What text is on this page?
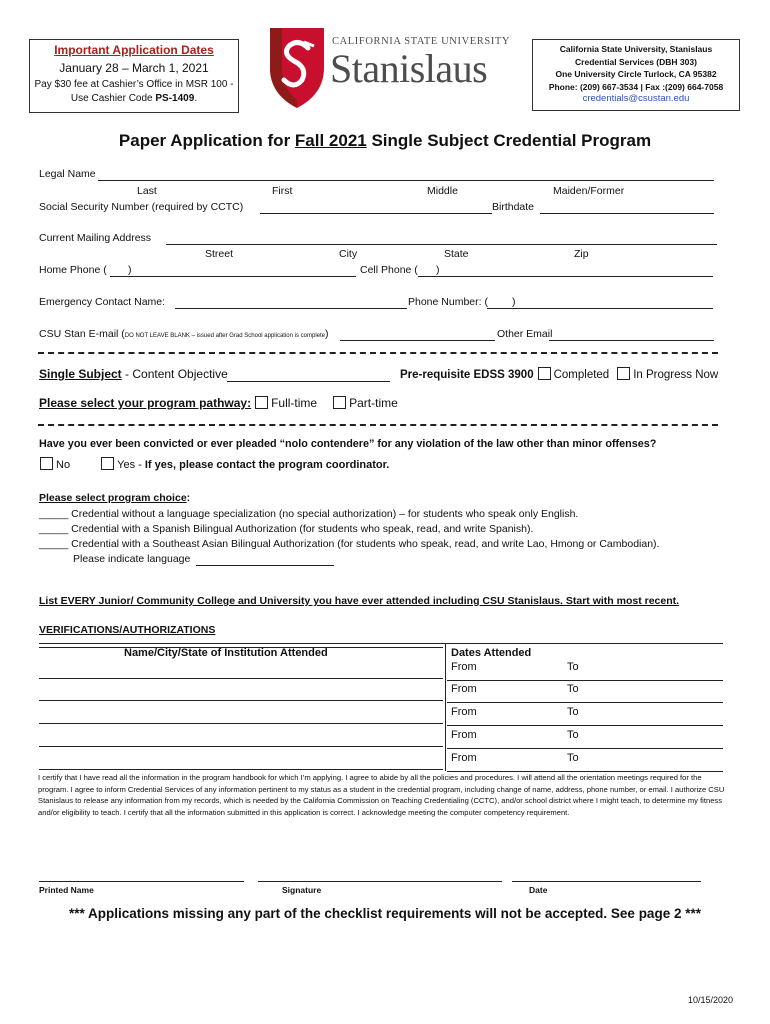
Important Application Dates
January 28 – March 1, 2021
Pay $30 fee at Cashier’s Office in MSR 100 -
Use Cashier Code PS-1409.
CALIFORNIA STATE UNIVERSITY
Stanislaus	California State University, Stanislaus
Credential Services (DBH 303)
One University Circle Turlock, CA 95382
Phone: (209) 667-3534 | Fax :(209) 664-7058
credentials@csustan.edu
Paper Application for Fall 2021 Single Subject Credential Program
Legal Name
Last	First	Middle	Maiden/Former
Social Security Number (required by CCTC)	Birthdate
Current Mailing Address
Street	City	State	Zip
Home Phone ( )	Cell Phone ( )
Emergency Contact Name:	Phone Number: ( )
CSU Stan E-mail (DO NOT LEAVE BLANK – issued after Grad School application is complete)	Other Email
Single Subject - Content Objective	Pre-requisite EDSS 3900 Completed In Progress Now
Please select your program pathway: Full-time	Part-time
Have you ever been convicted or ever pleaded “nolo contendere” for any violation of the law other than minor offenses?
No	Yes - If yes, please contact the program coordinator.
Please select program choice:
_____ Credential without a language specialization (no special authorization) – for students who speak only English.
_____ Credential with a Spanish Bilingual Authorization (for students who speak, read, and write Spanish).
_____ Credential with a Southeast Asian Bilingual Authorization (for students who speak, read, and write Lao, Hmong or Cambodian).
Please indicate language
List EVERY Junior/ Community College and University you have ever attended including CSU Stanislaus. Start with most recent.
VERIFICATIONS/AUTHORIZATIONS
Name/City/State of Institution Attended	Dates Attended
From	To
From	To
From	To
From	To
From	To
I certify that I have read all the information in the program handbook for which I’m applying. I agree to abide by all the policies and procedures. I will attend all the orientation meetings required for the program. I agree to inform Credential Services of any information pertinent to my status as a student in the credential program, including change of name, address, phone number, or email. I authorize CSU Stanislaus to release any information from my records, which is needed by the California Commission on Teaching Credentialing (CCTC), and/or school district where I might teach, to determine my fitness and/or eligibility to teach. I certify that all the information submitted in this application is correct. I acknowledge meeting the computer competency requirement.
Printed Name	Signature	Date
*** Applications missing any part of the checklist requirements will not be accepted. See page 2 ***
10/15/2020
